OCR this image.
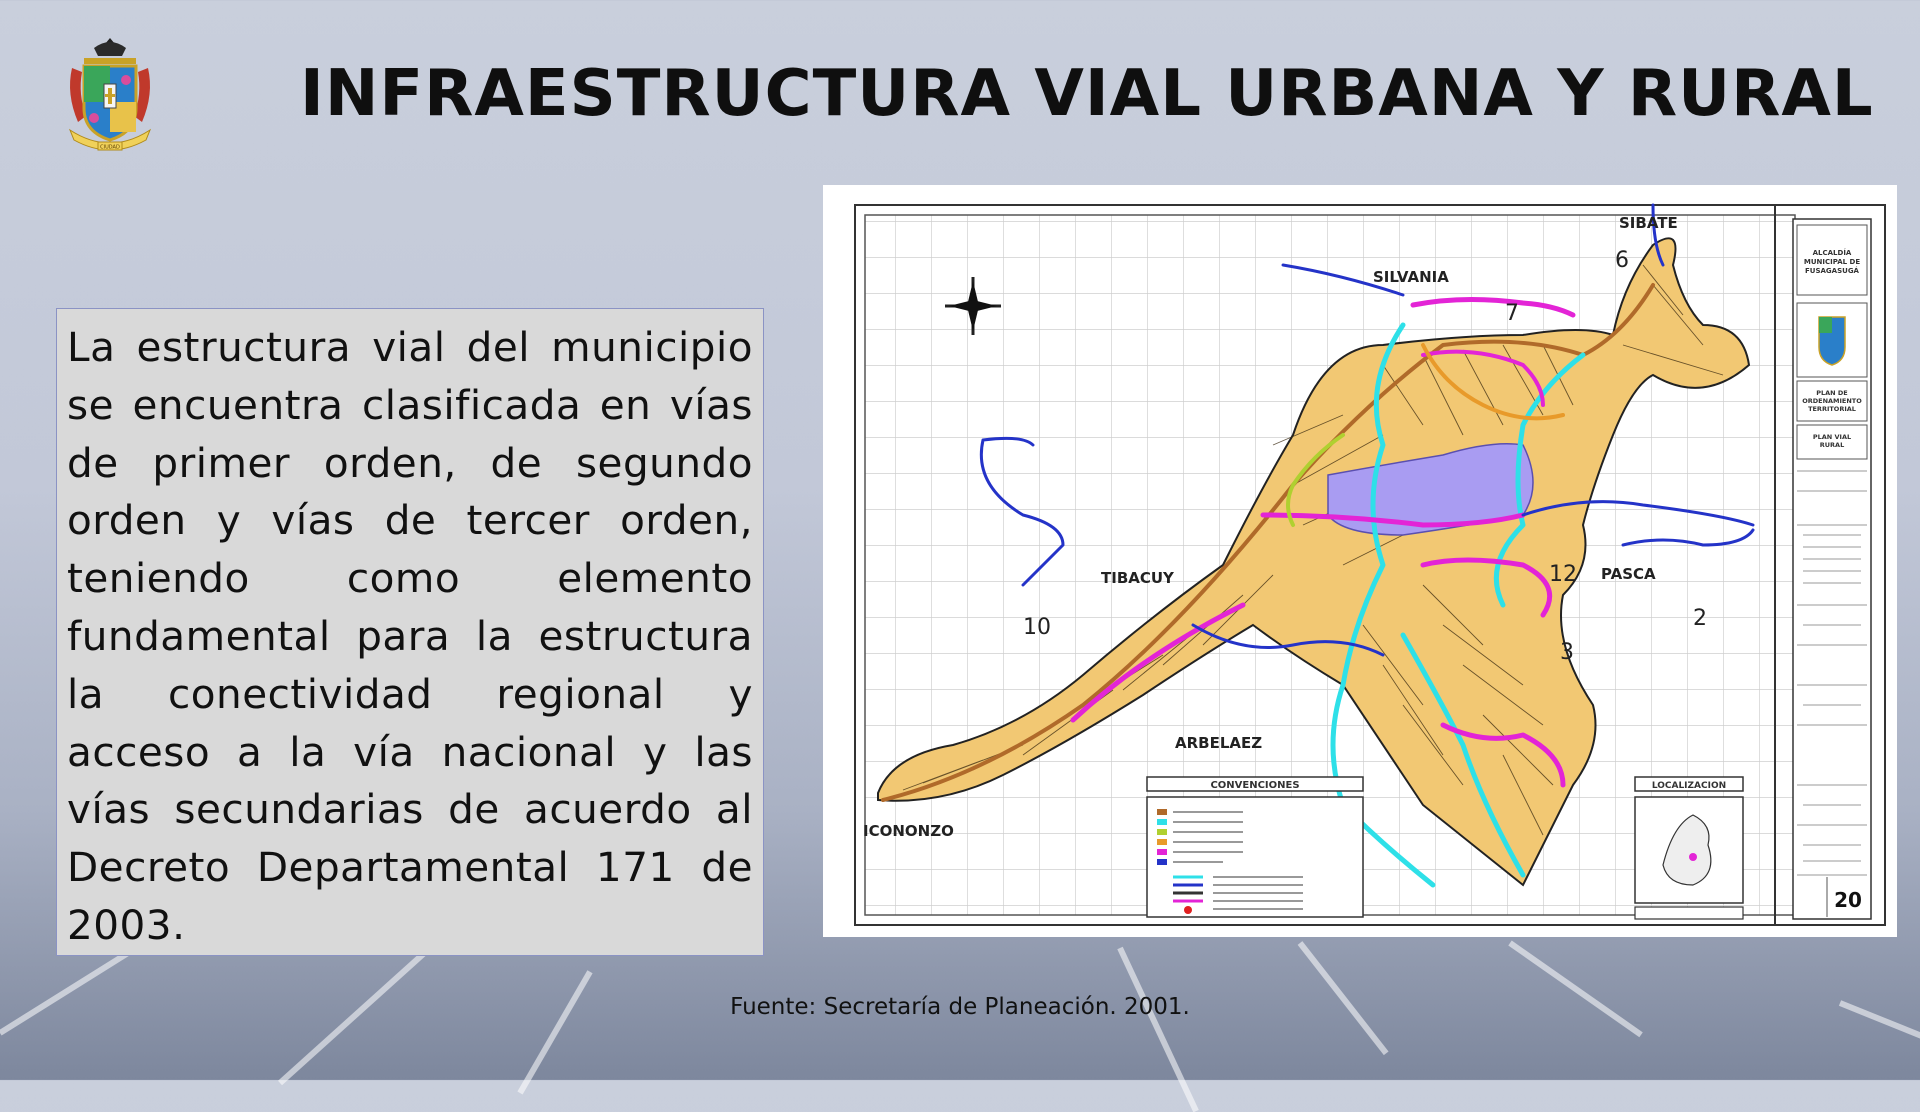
CIUDAD
INFRAESTRUCTURA VIAL URBANA Y RURAL
La estructura vial del municipio se encuentra clasificada en vías de primer orden, de segundo orden y vías de tercer orden, teniendo como elemento fundamental para la estructura la conectividad regional y acceso a la vía nacional y las vías secundarias de acuerdo al Decreto Departamental 171 de 2003.
SIBATE
SILVANIA
TIBACUY	PASCA
ARBELAEZ
ICONONZO
6
7
12
2
3
10
CONVENCIONES	LOCALIZACION
ALCALDÍA MUNICIPAL DE FUSAGASUGÁ
PLAN DE ORDENAMIENTO TERRITORIAL
PLAN VIAL RURAL
20
Fuente: Secretaría de Planeación. 2001.
